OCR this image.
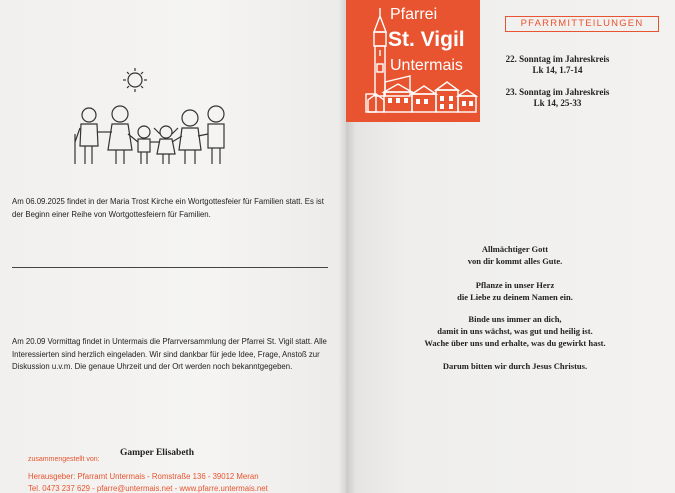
Pfarrei
St. Vigil
Untermais
PFARRMITTEILUNGEN
22. Sonntag im Jahreskreis
Lk 14, 1.7-14
23. Sonntag im Jahreskreis
Lk 14, 25-33
Am 06.09.2025 findet in der Maria Trost Kirche ein Wortgottesfeier für Familien statt. Es ist der Beginn einer Reihe von Wortgottesfeiern für Familien.
Am 20.09 Vormittag findet in Untermais die Pfarrversammlung der Pfarrei St. Vigil statt. Alle Interessierten sind herzlich eingeladen. Wir sind dankbar für jede Idee, Frage, Anstoß zur Diskussion u.v.m. Die genaue Uhrzeit und der Ort werden noch bekanntgegeben.
Allmächtiger Gott
von dir kommt alles Gute.
Pflanze in unser Herz
die Liebe zu deinem Namen ein.
Binde uns immer an dich,
damit in uns wächst, was gut und heilig ist.
Wache über uns und erhalte, was du gewirkt hast.
Darum bitten wir durch Jesus Christus.
zusammengestellt von:
Gamper Elisabeth
Herausgeber: Pfarramt Untermais - Romstraße 136 - 39012 Meran
Tel. 0473 237 629 - pfarre@untermais.net - www.pfarre.untermais.net
